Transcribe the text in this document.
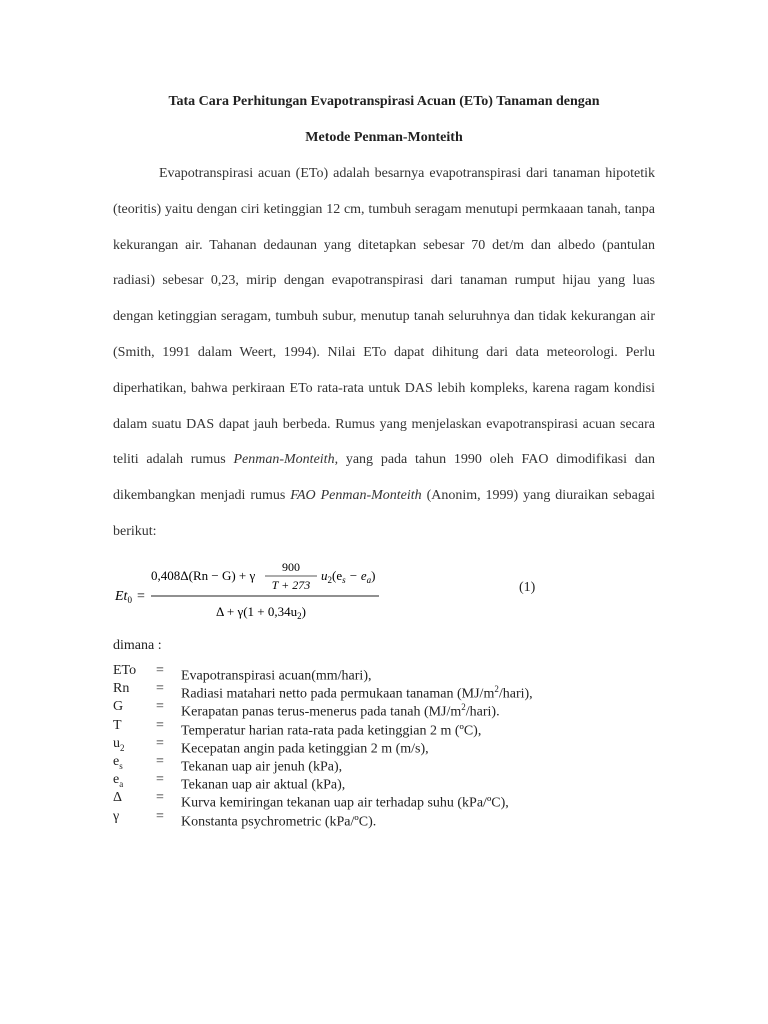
Tata Cara Perhitungan Evapotranspirasi Acuan (ETo) Tanaman dengan
Metode Penman-Monteith
Evapotranspirasi acuan (ETo) adalah besarnya evapotranspirasi dari tanaman hipotetik (teoritis) yaitu dengan ciri ketinggian 12 cm, tumbuh seragam menutupi permkaaan tanah, tanpa kekurangan air. Tahanan dedaunan yang ditetapkan sebesar 70 det/m dan albedo (pantulan radiasi) sebesar 0,23, mirip dengan evapotranspirasi dari tanaman rumput hijau yang luas dengan ketinggian seragam, tumbuh subur, menutup tanah seluruhnya dan tidak kekurangan air (Smith, 1991 dalam Weert, 1994). Nilai ETo dapat dihitung dari data meteorologi. Perlu diperhatikan, bahwa perkiraan ETo rata-rata untuk DAS lebih kompleks, karena ragam kondisi dalam suatu DAS dapat jauh berbeda. Rumus yang menjelaskan evapotranspirasi acuan secara teliti adalah rumus Penman-Monteith, yang pada tahun 1990 oleh FAO dimodifikasi dan dikembangkan menjadi rumus FAO Penman-Monteith (Anonim, 1999) yang diuraikan sebagai berikut:
$Et_0$ =
0,408Δ(Rn − G) + γ
900
T + 273
$u_2(e_s - e_a)$
$\Delta + \gamma(1 + 0,34u_2)$
(1)
dimana :
ETo = Evapotranspirasi acuan(mm/hari),
Rn = Radiasi matahari netto pada permukaan tanaman $(MJ/m^2/hari)$,
G = Kerapatan panas terus-menerus pada tanah $(MJ/m^2/hari)$.
T = Temperatur harian rata-rata pada ketinggian 2 m (ºC),
$u_2$ = Kecepatan angin pada ketinggian 2 m (m/s),
$e_s$ = Tekanan uap air jenuh (kPa),
$e_a$ = Tekanan uap air aktual (kPa),
Δ = Kurva kemiringan tekanan uap air terhadap suhu (kPa/ºC),
γ	= Konstanta psychrometric (kPa/ºC).
